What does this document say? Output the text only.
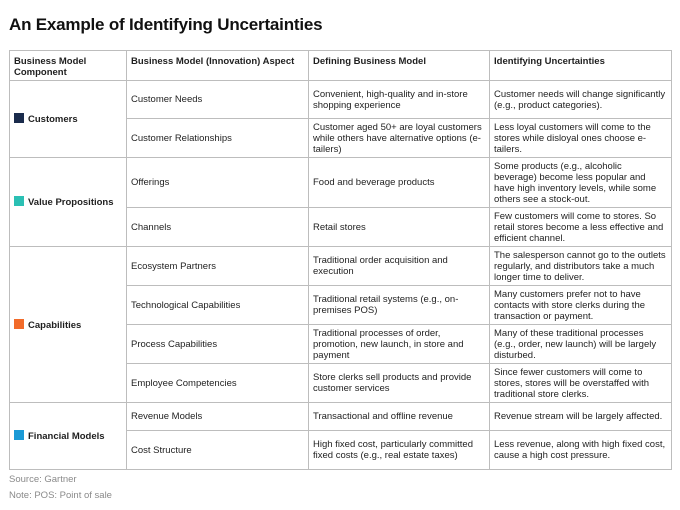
An Example of Identifying Uncertainties
Business Model Component	Business Model (Innovation) Aspect	Defining Business Model	Identifying Uncertainties
Customers	Customer Needs	Convenient, high-quality and in-store shopping experience	Customer needs will change significantly (e.g., product categories).
	Customer Relationships	Customer aged 50+ are loyal customers while others have alternative options (e-tailers)	Less loyal customers will come to the stores while disloyal ones choose e-tailers.
Value Propositions	Offerings	Food and beverage products	Some products (e.g., alcoholic beverage) become less popular and have high inventory levels, while some others see a stock-out.
	Channels	Retail stores	Few customers will come to stores. So retail stores become a less effective and efficient channel.
Capabilities	Ecosystem Partners	Traditional order acquisition and execution	The salesperson cannot go to the outlets regularly, and distributors take a much longer time to deliver.
	Technological Capabilities	Traditional retail systems (e.g., on-premises POS)	Many customers prefer not to have contacts with store clerks during the transaction or payment.
	Process Capabilities	Traditional processes of order, promotion, new launch, in store and payment	Many of these traditional processes (e.g., order, new launch) will be largely disturbed.
	Employee Competencies	Store clerks sell products and provide customer services	Since fewer customers will come to stores, stores will be overstaffed with traditional store clerks.
Financial Models	Revenue Models	Transactional and offline revenue	Revenue stream will be largely affected.
	Cost Structure	High fixed cost, particularly committed fixed costs (e.g., real estate taxes)	Less revenue, along with high fixed cost, cause a high cost pressure.
Source: Gartner
Note: POS: Point of sale
